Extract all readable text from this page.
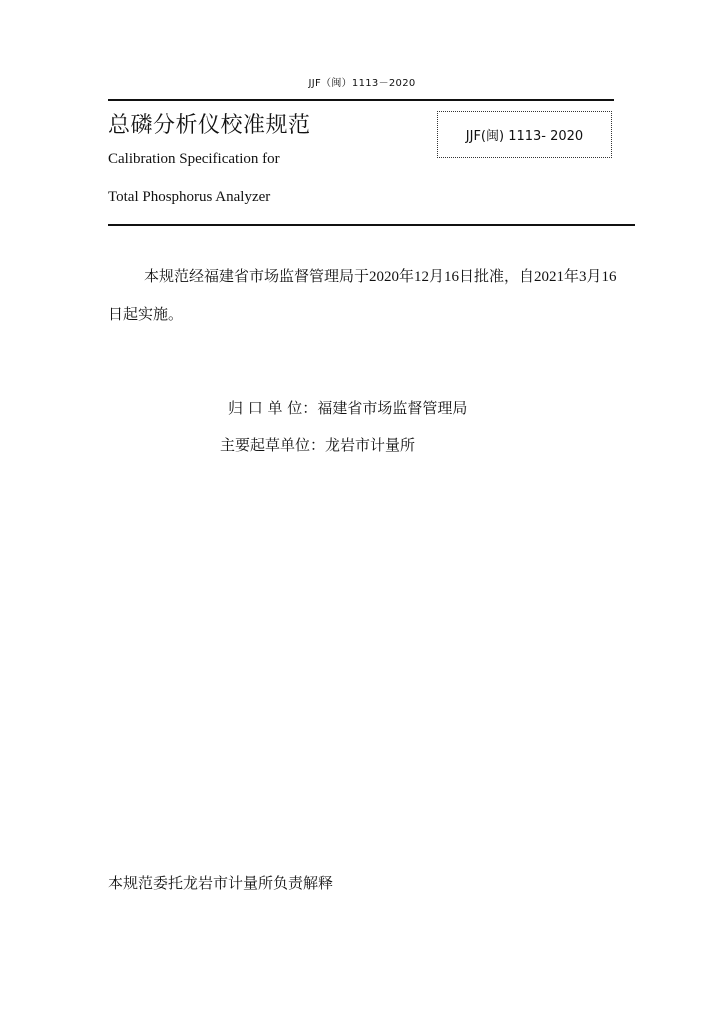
JJF（闽）1113－2020
总磷分析仪校准规范	JJF(闽) 1113- 2020
Calibration Specification for
Total Phosphorus Analyzer

本规范经福建省市场监督管理局于2020年12月16日批准，自2021年3月16日起实施。

归 口 单 位：福建省市场监督管理局
主要起草单位：龙岩市计量所
本规范委托龙岩市计量所负责解释
